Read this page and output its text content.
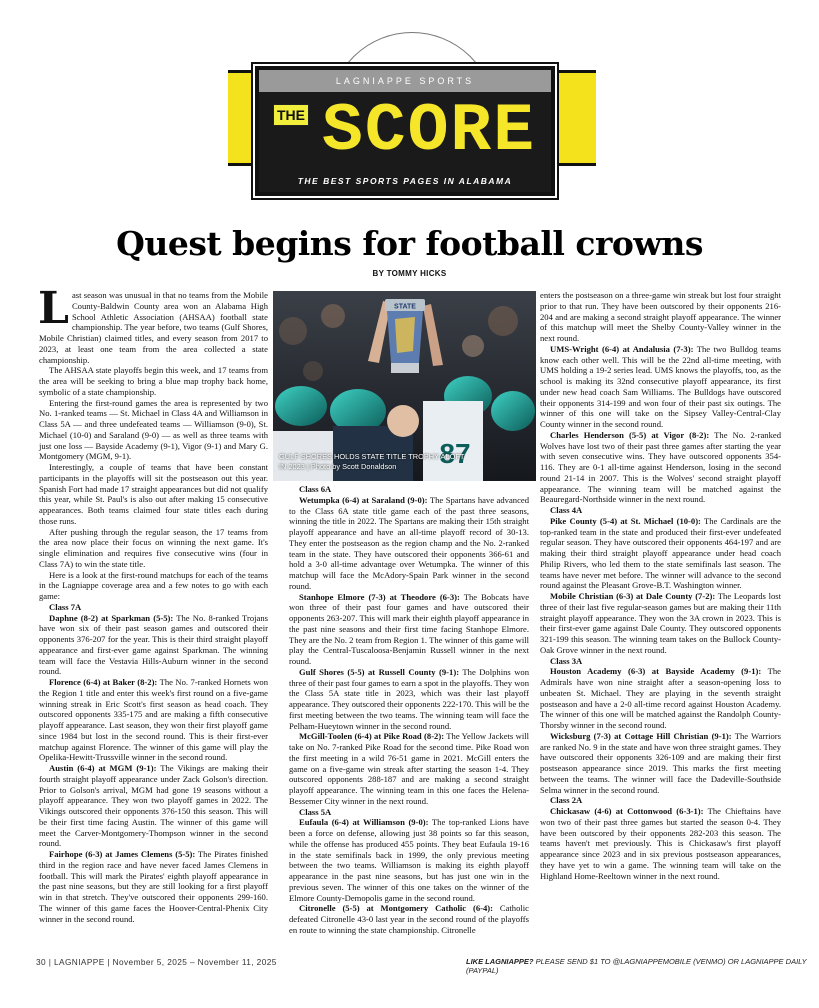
LAGNIAPPE SPORTS
THE SCORE
THE BEST SPORTS PAGES IN ALABAMA
Quest begins for football crowns
BY TOMMY HICKS

Last season was unusual in that no teams from the Mobile County-Baldwin County area won an Alabama High School Athletic Association (AHSAA) football state championship. The year before, two teams (Gulf Shores, Mobile Christian) claimed titles, and every season from 2017 to 2023, at least one team from the area collected a state championship.

The AHSAA state playoffs begin this week, and 17 teams from the area will be seeking to bring a blue map trophy back home, symbolic of a state championship.

Entering the first-round games the area is represented by two No. 1-ranked teams — St. Michael in Class 4A and Williamson in Class 5A — and three undefeated teams — Williamson (9-0), St. Michael (10-0) and Saraland (9-0) — as well as three teams with just one loss — Bayside Academy (9-1), Vigor (9-1) and Mary G. Montgomery (MGM, 9-1).

Interestingly, a couple of teams that have been constant participants in the playoffs will sit the postseason out this year. Spanish Fort had made 17 straight appearances but did not qualify this year, while St. Paul's is also out after making 15 consecutive appearances. Both teams claimed four state titles each during those runs.

After pushing through the regular season, the 17 teams from the area now place their focus on winning the next game. It's single elimination and requires five consecutive wins (four in Class 7A) to win the state title.

Here is a look at the first-round matchups for each of the teams in the Lagniappe coverage area and a few notes to go with each game:

Class 7A

Daphne (8-2) at Sparkman (5-5): The No. 8-ranked Trojans have won six of their past season games and outscored their opponents 376-207 for the year. This is their third straight playoff appearance and first-ever game against Sparkman. The winning team will face the Vestavia Hills-Auburn winner in the second round.

Florence (6-4) at Baker (8-2): The No. 7-ranked Hornets won the Region 1 title and enter this week's first round on a five-game winning streak in Eric Scott's first season as head coach. They outscored opponents 335-175 and are making a fifth consecutive playoff appearance. Last season, they won their first playoff game since 1984 but lost in the second round. This is their first-ever matchup against Florence. The winner of this game will play the Opelika-Hewitt-Trussville winner in the second round.

Austin (6-4) at MGM (9-1): The Vikings are making their fourth straight playoff appearance under Zack Golson's direction. Prior to Golson's arrival, MGM had gone 19 seasons without a playoff appearance. They won two playoff games in 2022. The Vikings outscored their opponents 376-150 this season. This will be their first time facing Austin. The winner of this game will meet the Carver-Montgomery-Thompson winner in the second round.

Fairhope (6-3) at James Clemens (5-5): The Pirates finished third in the region race and have never faced James Clemens in football. This will mark the Pirates' eighth playoff appearance in the past nine seasons, but they are still looking for a first playoff win in that stretch. They've outscored their opponents 299-160. The winner of this game faces the Hoover-Central-Phenix City winner in the second round.

STATE
87
GULF SHORES HOLDS STATE TITLE TROPHY ALOFT IN 2023 | Photo by Scott Donaldson

Class 6A

Wetumpka (6-4) at Saraland (9-0): The Spartans have advanced to the Class 6A state title game each of the past three seasons, winning the title in 2022. The Spartans are making their 15th straight playoff appearance and have an all-time playoff record of 30-13. They enter the postseason as the region champ and the No. 2-ranked team in the state. They have outscored their opponents 366-61 and hold a 3-0 all-time advantage over Wetumpka. The winner of this matchup will face the McAdory-Spain Park winner in the second round.

Stanhope Elmore (7-3) at Theodore (6-3): The Bobcats have won three of their past four games and have outscored their opponents 263-207. This will mark their eighth playoff appearance in the past nine seasons and their first time facing Stanhope Elmore. They are the No. 2 team from Region 1. The winner of this game will play the Central-Tuscaloosa-Benjamin Russell winner in the next round.

Gulf Shores (5-5) at Russell County (9-1): The Dolphins won three of their past four games to earn a spot in the playoffs. They won the Class 5A state title in 2023, which was their last playoff appearance. They outscored their opponents 222-170. This will be the first meeting between the two teams. The winning team will face the Pelham-Hueytown winner in the second round.

McGill-Toolen (6-4) at Pike Road (8-2): The Yellow Jackets will take on No. 7-ranked Pike Road for the second time. Pike Road won the first meeting in a wild 76-51 game in 2021. McGill enters the game on a five-game win streak after starting the season 1-4. They outscored opponents 288-187 and are making a second straight playoff appearance. The winning team in this one faces the Helena-Bessemer City winner in the next round.

Class 5A

Eufaula (6-4) at Williamson (9-0): The top-ranked Lions have been a force on defense, allowing just 38 points so far this season, while the offense has produced 455 points. They beat Eufaula 19-16 in the state semifinals back in 1999, the only previous meeting between the two teams. Williamson is making its eighth playoff appearance in the past nine seasons, but has just one win in the previous seven. The winner of this one takes on the winner of the Elmore County-Demopolis game in the second round.

Citronelle (5-5) at Montgomery Catholic (6-4): Catholic defeated Citronelle 43-0 last year in the second round of the playoffs en route to winning the state championship. Citronelle

enters the postseason on a three-game win streak but lost four straight prior to that run. They have been outscored by their opponents 216-204 and are making a second straight playoff appearance. The winner of this matchup will meet the Shelby County-Valley winner in the next round.

UMS-Wright (6-4) at Andalusia (7-3): The two Bulldog teams know each other well. This will be the 22nd all-time meeting, with UMS holding a 19-2 series lead. UMS knows the playoffs, too, as the school is making its 32nd consecutive playoff appearance, its first under new head coach Sam Williams. The Bulldogs have outscored their opponents 314-199 and won four of their past six outings. The winner of this one will take on the Sipsey Valley-Central-Clay County winner in the second round.

Charles Henderson (5-5) at Vigor (8-2): The No. 2-ranked Wolves have lost two of their past three games after starting the year with seven consecutive wins. They have outscored opponents 354-116. They are 0-1 all-time against Henderson, losing in the second round 21-14 in 2007. This is the Wolves' second straight playoff appearance. The winning team will be matched against the Beauregard-Northside winner in the next round.

Class 4A

Pike County (5-4) at St. Michael (10-0): The Cardinals are the top-ranked team in the state and produced their first-ever undefeated regular season. They have outscored their opponents 464-197 and are making their third straight playoff appearance under head coach Philip Rivers, who led them to the state semifinals last season. The teams have never met before. The winner will advance to the second round against the Pleasant Grove-B.T. Washington winner.

Mobile Christian (6-3) at Dale County (7-2): The Leopards lost three of their last five regular-season games but are making their 11th straight playoff appearance. They won the 3A crown in 2023. This is their first-ever game against Dale County. They outscored opponents 321-199 this season. The winning team takes on the Bullock County-Oak Grove winner in the next round.

Class 3A

Houston Academy (6-3) at Bayside Academy (9-1): The Admirals have won nine straight after a season-opening loss to unbeaten St. Michael. They are playing in the seventh straight postseason and have a 2-0 all-time record against Houston Academy. The winner of this one will be matched against the Randolph County-Thorsby winner in the second round.

Wicksburg (7-3) at Cottage Hill Christian (9-1): The Warriors are ranked No. 9 in the state and have won three straight games. They have outscored their opponents 326-109 and are making their first postseason appearance since 2019. This marks the first meeting between the teams. The winner will face the Dadeville-Southside Selma winner in the second round.

Class 2A

Chickasaw (4-6) at Cottonwood (6-3-1): The Chieftains have won two of their past three games but started the season 0-4. They have been outscored by their opponents 282-203 this season. The teams haven't met previously. This is Chickasaw's first playoff appearance since 2023 and in six previous postseason appearances, they have yet to win a game. The winning team will take on the Highland Home-Reeltown winner in the next round.

30 | LAGNIAPPE | November 5, 2025 – November 11, 2025	LIKE LAGNIAPPE? PLEASE SEND $1 TO @LAGNIAPPEMOBILE (VENMO) OR LAGNIAPPE DAILY (PAYPAL)
